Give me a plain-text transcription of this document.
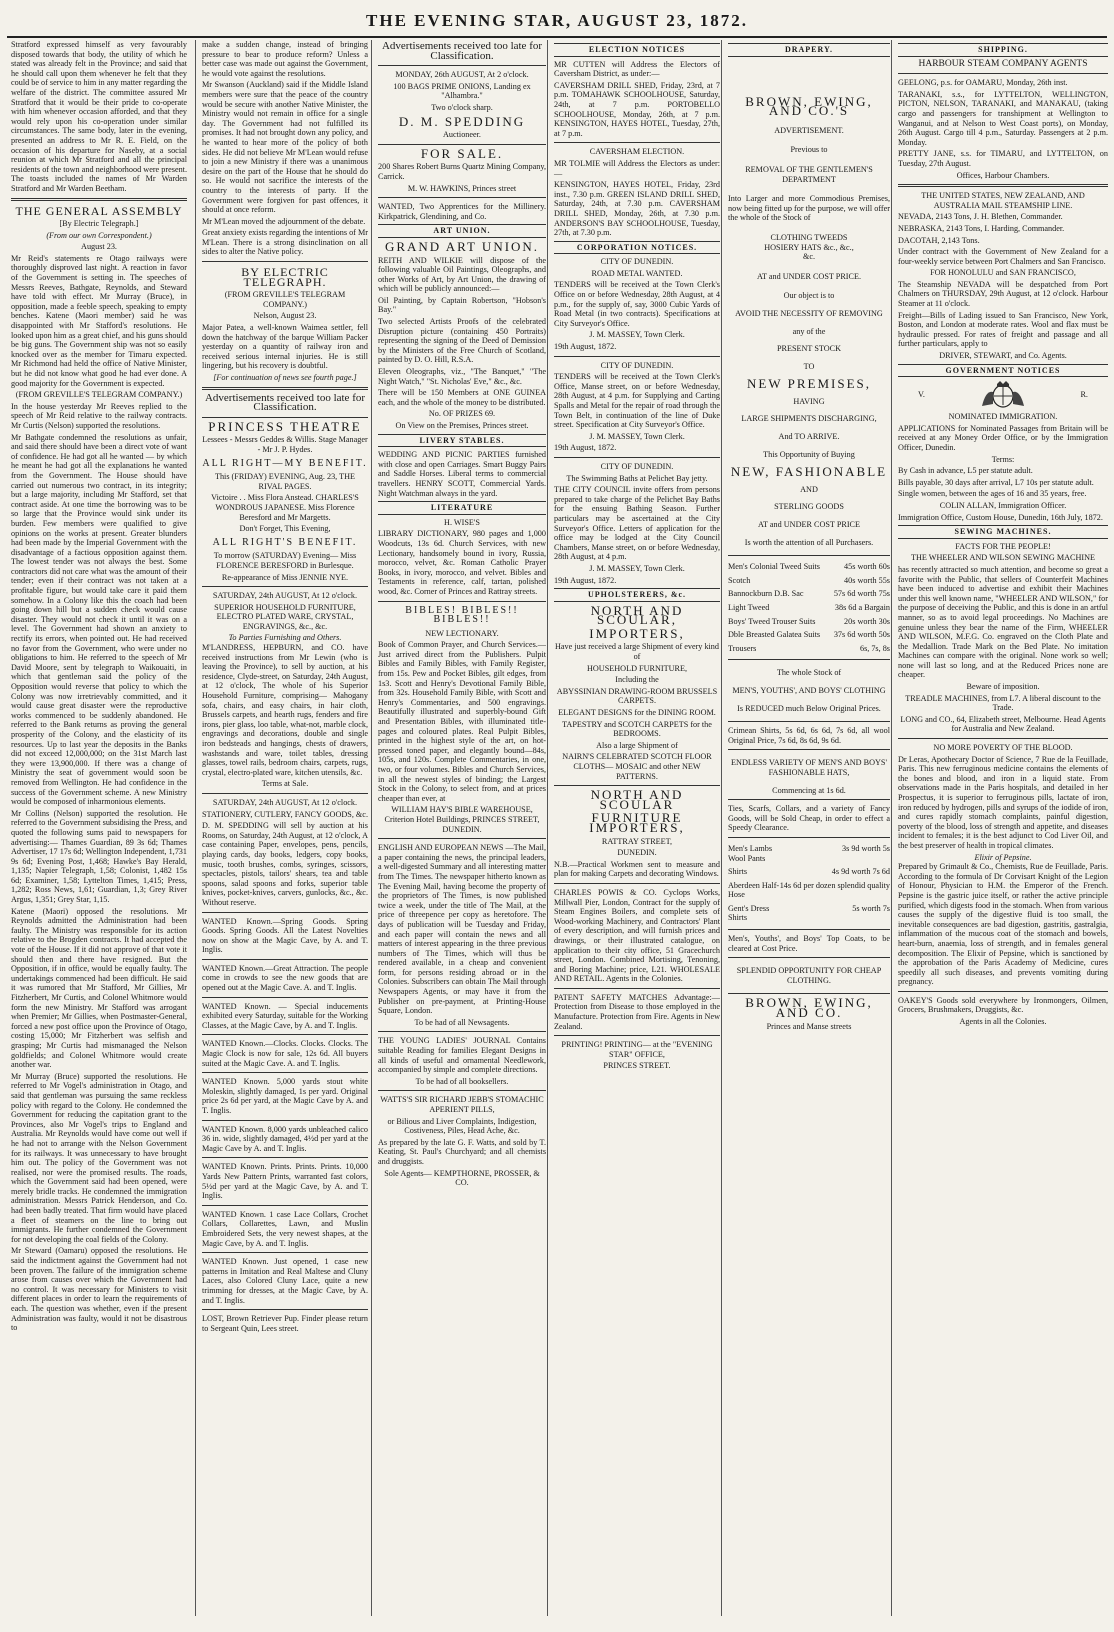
THE EVENING STAR, AUGUST 23, 1872.

Stratford expressed himself as very favourably disposed towards that body, the utility of which he stated was already felt in the Province; and said that he should call upon them whenever he felt that they could be of service to him in any matter regarding the welfare of the district. The committee assured Mr Stratford that it would be their pride to co-operate with him whenever occasion afforded, and that they would rely upon his co-operation under similar circumstances. The same body, later in the evening, presented an address to Mr R. E. Field, on the occasion of his departure for Naseby, at a social reunion at which Mr Stratford and all the principal residents of the town and neighborhood were present. The toasts included the names of Mr Warden Stratford and Mr Warden Beetham.

THE GENERAL ASSEMBLY
[By Electric Telegraph.]
(From our own Correspondent.)
August 23.

Mr Reid's statements re Otago railways were thoroughly disproved last night. A reaction in favor of the Government is setting in. The speeches of Messrs Reeves, Bathgate, Reynolds, and Steward have told with effect. Mr Murray (Bruce), in opposition, made a feeble speech, speaking to empty benches. Katene (Maori member) said he was disappointed with Mr Stafford's resolutions. He looked upon him as a great chief, and his guns should be big guns. The Government ship was not so easily knocked over as the member for Timaru expected. Mr Richmond had held the office of Native Minister, but he did not know what good he had ever done. A good majority for the Government is expected.

(FROM GREVILLE'S TELEGRAM COMPANY.)

In the house yesterday Mr Reeves replied to the speech of Mr Reid relative to the railway contracts. Mr Curtis (Nelson) supported the resolutions.

Mr Bathgate condemned the resolutions as unfair, and said there should have been a direct vote of want of confidence. He had got all he wanted — by which he meant he had got all the explanations he wanted from the Government. The House should have carried out numerous two contract, in its integrity; but a large majority, including Mr Stafford, set that contract aside. At one time the borrowing was to be so large that the Province would sink under its burden. Few members were qualified to give opinions on the works at present. Greater blunders had been made by the Imperial Government with the disadvantage of a factious opposition against them. The lowest tender was not always the best. Some contractors did not care what was the amount of their tender; even if their contract was not taken at a profitable figure, but would take care it paid them somehow. In a Colony like this the coach had been going down hill but a sudden check would cause disaster. They would not check it until it was on a level. The Government had shown an anxiety to rectify its errors, when pointed out. He had received no favor from the Government, who were under no obligations to him. He referred to the speech of Mr David Moore, sent by telegraph to Waikouaiti, in which that gentleman said the policy of the Opposition would reverse that policy to which the Colony was now irretrievably committed, and it would cause great disaster were the reproductive works commenced to be suddenly abandoned. He referred to the Bank returns as proving the general prosperity of the Colony, and the elasticity of its resources. Up to last year the deposits in the Banks did not exceed 12,000,000; on the 31st March last they were 13,900,000. If there was a change of Ministry the seat of government would soon be removed from Wellington. He had confidence in the success of the Government scheme. A new Ministry would be composed of inharmonious elements.

Mr Collins (Nelson) supported the resolution. He referred to the Government subsidising the Press, and quoted the following sums paid to newspapers for advertising:— Thames Guardian, 89 3s 6d; Thames Advertiser, 17 17s 6d; Wellington Independent, 1,731 9s 6d; Evening Post, 1,468; Hawke's Bay Herald, 1,135; Napier Telegraph, 1,58; Colonist, 1,482 15s 6d; Examiner, 1,58; Lyttelton Times, 1,415; Press, 1,282; Ross News, 1,61; Guardian, 1,3; Grey River Argus, 1,351; Grey Star, 1,15.

Katene (Maori) opposed the resolutions. Mr Reynolds admitted the Administration had been faulty. The Ministry was responsible for its action relative to the Brogden contracts. It had accepted the vote of the House. If it did not approve of that vote it should then and there have resigned. But the Opposition, if in office, would be equally faulty. The undertakings commenced had been difficult. He said it was rumored that Mr Stafford, Mr Gillies, Mr Fitzherbert, Mr Curtis, and Colonel Whitmore would form the new Ministry. Mr Stafford was arrogant when Premier; Mr Gillies, when Postmaster-General, forced a new post office upon the Province of Otago, costing 15,000; Mr Fitzherbert was selfish and grasping; Mr Curtis had mismanaged the Nelson goldfields; and Colonel Whitmore would create another war.

Mr Murray (Bruce) supported the resolutions. He referred to Mr Vogel's administration in Otago, and said that gentleman was pursuing the same reckless policy with regard to the Colony. He condemned the Government for reducing the capitation grant to the Provinces, also Mr Vogel's trips to England and Australia. Mr Reynolds would have come out well if he had not to arrange with the Nelson Government for its railways. It was unnecessary to have brought him out. The policy of the Government was not realised, nor were the promised results. The roads, which the Government said had been opened, were merely bridle tracks. He condemned the immigration administration. Messrs Patrick Henderson, and Co. had been badly treated. That firm would have placed a fleet of steamers on the line to bring out immigrants. He further condemned the Government for not developing the coal fields of the Colony.

Mr Steward (Oamaru) opposed the resolutions. He said the indictment against the Government had not been proven. The failure of the immigration scheme arose from causes over which the Government had no control. It was necessary for Ministers to visit different places in order to learn the requirements of each. The question was whether, even if the present Administration was faulty, would it not be disastrous to

make a sudden change, instead of bringing pressure to bear to produce reform? Unless a better case was made out against the Government, he would vote against the resolutions.

Mr Swanson (Auckland) said if the Middle Island members were sure that the peace of the country would be secure with another Native Minister, the Ministry would not remain in office for a single day. The Government had not fulfilled its promises. It had not brought down any policy, and he wanted to hear more of the policy of both sides. He did not believe Mr M'Lean would refuse to join a new Ministry if there was a unanimous desire on the part of the House that he should do so. He would not sacrifice the interests of the country to the interests of party. If the Government were forgiven for past offences, it should at once reform.

Mr M'Lean moved the adjournment of the debate.

Great anxiety exists regarding the intentions of Mr M'Lean. There is a strong disinclination on all sides to alter the Native policy.

BY ELECTRIC TELEGRAPH.
(FROM GREVILLE'S TELEGRAM COMPANY.)
Nelson, August 23.

Major Patea, a well-known Waimea settler, fell down the hatchway of the barque William Packer yesterday on a quantity of railway iron and received serious internal injuries. He is still lingering, but his recovery is doubtful.

[For continuation of news see fourth page.]
Advertisements received too late for Classification.
PRINCESS THEATRE
Lessees - Messrs Geddes & Willis. Stage Manager - Mr J. P. Hydes.
ALL RIGHT—MY BENEFIT.
This (FRIDAY) EVENING, Aug. 23, THE RIVAL PAGES.
Victoire . . Miss Flora Anstead. CHARLES'S WONDROUS JAPANESE. Miss Florence Beresford and Mr Margetts.
Don't Forget, This Evening,
ALL RIGHT'S BENEFIT.
To morrow (SATURDAY) Evening— Miss FLORENCE BERESFORD in Burlesque.
Re-appearance of Miss JENNIE NYE.
SATURDAY, 24th AUGUST, At 12 o'clock.
SUPERIOR HOUSEHOLD FURNITURE, ELECTRO PLATED WARE, CRYSTAL, ENGRAVINGS, &c., &c.
To Parties Furnishing and Others.

M'LANDRESS, HEPBURN, and CO. have received instructions from Mr Lewin (who is leaving the Province), to sell by auction, at his residence, Clyde-street, on Saturday, 24th August, at 12 o'clock, The whole of his Superior Household Furniture, comprising— Mahogany sofa, chairs, and easy chairs, in hair cloth, Brussels carpets, and hearth rugs, fenders and fire irons, pier glass, loo table, what-not, marble clock, engravings and decorations, double and single iron bedsteads and hangings, chests of drawers, washstands and ware, toilet tables, dressing glasses, towel rails, bedroom chairs, carpets, rugs, crystal, electro-plated ware, kitchen utensils, &c.

Terms at Sale.
SATURDAY, 24th AUGUST, At 12 o'clock.
STATIONERY, CUTLERY, FANCY GOODS, &c.

D. M. SPEDDING will sell by auction at his Rooms, on Saturday, 24th August, at 12 o'clock, A case containing Paper, envelopes, pens, pencils, playing cards, day books, ledgers, copy books, music, tooth brushes, combs, syringes, scissors, spectacles, pistols, tailors' shears, tea and table spoons, salad spoons and forks, superior table knives, pocket-knives, carvers, gunlocks, &c., &c. Without reserve.

WANTED Known.—Spring Goods. Spring Goods. Spring Goods. All the Latest Novelties now on show at the Magic Cave, by A. and T. Inglis.

WANTED Known.—Great Attraction. The people come in crowds to see the new goods that are opened out at the Magic Cave. A. and T. Inglis.

WANTED Known. — Special inducements exhibited every Saturday, suitable for the Working Classes, at the Magic Cave, by A. and T. Inglis.

WANTED Known.—Clocks. Clocks. Clocks. The Magic Clock is now for sale, 12s 6d. All buyers suited at the Magic Cave. A. and T. Inglis.

WANTED Known. 5,000 yards stout white Moleskin, slightly damaged, 1s per yard. Original price 2s 6d per yard, at the Magic Cave by A. and T. Inglis.

WANTED Known. 8,000 yards unbleached calico 36 in. wide, slightly damaged, 4½d per yard at the Magic Cave by A. and T. Inglis.

WANTED Known. Prints. Prints. Prints. 10,000 Yards New Pattern Prints, warranted fast colors, 5½d per yard at the Magic Cave, by A. and T. Inglis.

WANTED Known. 1 case Lace Collars, Crochet Collars, Collarettes, Lawn, and Muslin Embroidered Sets, the very newest shapes, at the Magic Cave, by A. and T. Inglis.

WANTED Known. Just opened, 1 case new patterns in Imitation and Real Maltese and Cluny Laces, also Colored Cluny Lace, quite a new trimming for dresses, at the Magic Cave, by A. and T. Inglis.

LOST, Brown Retriever Pup. Finder please return to Sergeant Quin, Lees street.

Advertisements received too late for Classification.
MONDAY, 26th AUGUST, At 2 o'clock.
100 BAGS PRIME ONIONS, Landing ex "Alhambra."
Two o'clock sharp.
D. M. SPEDDING
Auctioneer.
FOR SALE.

200 Shares Robert Burns Quartz Mining Company, Carrick.

M. W. HAWKINS, Princes street

WANTED, Two Apprentices for the Millinery. Kirkpatrick, Glendining, and Co.

ART UNION.
GRAND ART UNION.

REITH AND WILKIE will dispose of the following valuable Oil Paintings, Oleographs, and other Works of Art, by Art Union, the drawing of which will be publicly announced:—

Oil Painting, by Captain Robertson, "Hobson's Bay."

Two selected Artists Proofs of the celebrated Disruption picture (containing 450 Portraits) representing the signing of the Deed of Demission by the Ministers of the Free Church of Scotland, painted by D. O. Hill, R.S.A.

Eleven Oleographs, viz., "The Banquet," "The Night Watch," "St. Nicholas' Eve," &c., &c.

There will be 150 Members at ONE GUINEA each, and the whole of the money to be distributed.

No. OF PRIZES 69.
On View on the Premises, Princes street.
LIVERY STABLES.

WEDDING AND PICNIC PARTIES furnished with close and open Carriages. Smart Buggy Pairs and Saddle Horses. Liberal terms to commercial travellers. HENRY SCOTT, Commercial Yards. Night Watchman always in the yard.

LITERATURE
H. WISE'S

LIBRARY DICTIONARY, 980 pages and 1,000 Woodcuts, 13s 6d. Church Services, with new Lectionary, handsomely bound in ivory, Russia, morocco, velvet, &c. Roman Catholic Prayer Books, in ivory, morocco, and velvet. Bibles and Testaments in reference, calf, tartan, polished wood, &c. Corner of Princes and Rattray streets.

BIBLES! BIBLES!! BIBLES!!
NEW LECTIONARY.

Book of Common Prayer, and Church Services.—Just arrived direct from the Publishers. Pulpit Bibles and Family Bibles, with Family Register, from 15s. Pew and Pocket Bibles, gilt edges, from 1s3. Scott and Henry's Devotional Family Bible, from 32s. Household Family Bible, with Scott and Henry's Commentaries, and 500 engravings. Beautifully illustrated and superbly-bound Gift and Presentation Bibles, with illuminated title-pages and coloured plates. Real Pulpit Bibles, printed in the highest style of the art, on hot-pressed toned paper, and elegantly bound—84s, 105s, and 120s. Complete Commentaries, in one, two, or four volumes. Bibles and Church Services, in all the newest styles of binding; the Largest Stock in the Colony, to select from, and at prices cheaper than ever, at

WILLIAM HAY'S BIBLE WAREHOUSE, Criterion Hotel Buildings, PRINCES STREET, DUNEDIN.

ENGLISH AND EUROPEAN NEWS —The Mail, a paper containing the news, the principal leaders, a well-digested Summary and all interesting matter from The Times. The newspaper hitherto known as The Evening Mail, having become the property of the proprietors of The Times, is now published twice a week, under the title of The Mail, at the price of threepence per copy as heretofore. The days of publication will be Tuesday and Friday, and each paper will contain the news and all matters of interest appearing in the three previous numbers of The Times, which will thus be rendered available, in a cheap and convenient form, for persons residing abroad or in the Colonies. Subscribers can obtain The Mail through Newspapers Agents, or may have it from the Publisher on pre-payment, at Printing-House Square, London.

To be had of all Newsagents.

THE YOUNG LADIES' JOURNAL Contains suitable Reading for families Elegant Designs in all kinds of useful and ornamental Needlework, accompanied by simple and complete directions.

To be had of all booksellers.
WATTS'S SIR RICHARD JEBB'S STOMACHIC APERIENT PILLS,
or Bilious and Liver Complaints, Indigestion, Costiveness, Piles, Head Ache, &c.

As prepared by the late G. F. Watts, and sold by T. Keating, St. Paul's Churchyard; and all chemists and druggists.

Sole Agents— KEMPTHORNE, PROSSER, & CO.
ELECTION NOTICES

MR CUTTEN will Address the Electors of Caversham District, as under:—

CAVERSHAM DRILL SHED, Friday, 23rd, at 7 p.m. TOMAHAWK SCHOOLHOUSE, Saturday, 24th, at 7 p.m. PORTOBELLO SCHOOLHOUSE, Monday, 26th, at 7 p.m. KENSINGTON, HAYES HOTEL, Tuesday, 27th, at 7 p.m.

CAVERSHAM ELECTION.

MR TOLMIE will Address the Electors as under:—

KENSINGTON, HAYES HOTEL, Friday, 23rd inst., 7.30 p.m. GREEN ISLAND DRILL SHED, Saturday, 24th, at 7.30 p.m. CAVERSHAM DRILL SHED, Monday, 26th, at 7.30 p.m. ANDERSON'S BAY SCHOOLHOUSE, Tuesday, 27th, at 7.30 p.m.

CORPORATION NOTICES.
CITY OF DUNEDIN.
ROAD METAL WANTED.

TENDERS will be received at the Town Clerk's Office on or before Wednesday, 28th August, at 4 p.m., for the supply of, say, 3000 Cubic Yards of Road Metal (in two contracts). Specifications at City Surveyor's Office.

J. M. MASSEY, Town Clerk.
19th August, 1872.
CITY OF DUNEDIN.

TENDERS will be received at the Town Clerk's Office, Manse street, on or before Wednesday, 28th August, at 4 p.m. for Supplying and Carting Spalls and Metal for the repair of road through the Town Belt, in continuation of the line of Duke street. Specification at City Surveyor's Office.

J. M. MASSEY, Town Clerk.
19th August, 1872.
CITY OF DUNEDIN.
The Swimming Baths at Pelichet Bay jetty.

THE CITY COUNCIL invite offers from persons prepared to take charge of the Pelichet Bay Baths for the ensuing Bathing Season. Further particulars may be ascertained at the City Surveyor's Office. Letters of application for the office may be lodged at the City Council Chambers, Manse street, on or before Wednesday, 28th August, at 4 p.m.

J. M. MASSEY, Town Clerk.
19th August, 1872.
UPHOLSTERERS, &c.
NORTH AND SCOULAR,
IMPORTERS,
Have just received a large Shipment of every kind of
HOUSEHOLD FURNITURE,
Including the
ABYSSINIAN DRAWING-ROOM BRUSSELS CARPETS.
ELEGANT DESIGNS for the DINING ROOM.
TAPESTRY and SCOTCH CARPETS for the BEDROOMS.
Also a large Shipment of
NAIRN'S CELEBRATED SCOTCH FLOOR CLOTHS— MOSAIC and other NEW PATTERNS.
NORTH AND SCOULAR
FURNITURE IMPORTERS,
RATTRAY STREET,
DUNEDIN.

N.B.—Practical Workmen sent to measure and plan for making Carpets and decorating Windows.

CHARLES POWIS & CO. Cyclops Works, Millwall Pier, London, Contract for the supply of Steam Engines Boilers, and complete sets of Wood-working Machinery, and Contractors' Plant of every description, and will furnish prices and drawings, or their illustrated catalogue, on application to their city office, 51 Gracechurch street, London. Combined Mortising, Tenoning, and Boring Machine; price, L21. WHOLESALE AND RETAIL. Agents in the Colonies.

PATENT SAFETY MATCHES Advantage:— Protection from Disease to those employed in the Manufacture. Protection from Fire. Agents in New Zealand.

PRINTING! PRINTING— at the "EVENING STAR" OFFICE,
PRINCES STREET.
DRAPERY.
BROWN, EWING, AND CO.'S
ADVERTISEMENT.
Previous to
REMOVAL OF THE GENTLEMEN'S DEPARTMENT

Into Larger and more Commodious Premises, now being fitted up for the purpose, we will offer the whole of the Stock of

CLOTHING TWEEDS HOSIERY HATS &c., &c., &c.
AT and UNDER COST PRICE.
Our object is to
AVOID THE NECESSITY OF REMOVING
any of the
PRESENT STOCK
TO
NEW PREMISES,
HAVING
LARGE SHIPMENTS DISCHARGING,
And TO ARRIVE.
This Opportunity of Buying
NEW, FASHIONABLE
AND
STERLING GOODS
AT and UNDER COST PRICE
Is worth the attention of all Purchasers.
Men's Colonial Tweed Suits	45s worth 60s
Scotch	40s worth 55s
Bannockburn D.B. Sac	57s 6d worth 75s
Light Tweed	38s 6d a Bargain
Boys' Tweed Trouser Suits	20s worth 30s
Dble Breasted Galatea Suits	37s 6d worth 50s
Trousers	6s, 7s, 8s
The whole Stock of
MEN'S, YOUTHS', AND BOYS' CLOTHING
Is REDUCED much Below Original Prices.

Crimean Shirts, 5s 6d, 6s 6d, 7s 6d, all wool Original Price, 7s 6d, 8s 6d, 9s 6d.

ENDLESS VARIETY OF MEN'S AND BOYS' FASHIONABLE HATS,
Commencing at 1s 6d.

Ties, Scarfs, Collars, and a variety of Fancy Goods, will be Sold Cheap, in order to effect a Speedy Clearance.

Men's Lambs Wool Pants	3s 9d worth 5s
Shirts	4s 9d worth 7s 6d
Aberdeen Half-Hose	14s 6d per dozen splendid quality
Gent's Dress Shirts	5s worth 7s

Men's, Youths', and Boys' Top Coats, to be cleared at Cost Price.

SPLENDID OPPORTUNITY FOR CHEAP CLOTHING.
BROWN, EWING, AND CO.
Princes and Manse streets
SHIPPING.
HARBOUR STEAM COMPANY AGENTS

GEELONG, p.s. for OAMARU, Monday, 26th inst.

TARANAKI, s.s., for LYTTELTON, WELLINGTON, PICTON, NELSON, TARANAKI, and MANAKAU, (taking cargo and passengers for transhipment at Wellington to Wanganui, and at Nelson to West Coast ports), on Monday, 26th August. Cargo till 4 p.m., Saturday. Passengers at 2 p.m. Monday.

PRETTY JANE, s.s. for TIMARU, and LYTTELTON, on Tuesday, 27th August.

Offices, Harbour Chambers.
THE UNITED STATES, NEW ZEALAND, AND AUSTRALIA MAIL STEAMSHIP LINE.

NEVADA, 2143 Tons, J. H. Blethen, Commander.

NEBRASKA, 2143 Tons, I. Harding, Commander.

DACOTAH, 2,143 Tons.

Under contract with the Government of New Zealand for a four-weekly service between Port Chalmers and San Francisco.

FOR HONOLULU and SAN FRANCISCO,

The Steamship NEVADA will be despatched from Port Chalmers on THURSDAY, 29th August, at 12 o'clock. Harbour Steamer at 11 o'clock.

Freight—Bills of Lading issued to San Francisco, New York, Boston, and London at moderate rates. Wool and flax must be hydraulic pressed. For rates of freight and passage and all further particulars, apply to

DRIVER, STEWART, and Co. Agents.
GOVERNMENT NOTICES
V.	R.
NOMINATED IMMIGRATION.

APPLICATIONS for Nominated Passages from Britain will be received at any Money Order Office, or by the Immigration Officer, Dunedin.

Terms:

By Cash in advance, L5 per statute adult.

Bills payable, 30 days after arrival, L7 10s per statute adult.

Single women, between the ages of 16 and 35 years, free.

COLIN ALLAN, Immigration Officer.

Immigration Office, Custom House, Dunedin, 16th July, 1872.

SEWING MACHINES.
FACTS FOR THE PEOPLE!
THE WHEELER AND WILSON SEWING MACHINE

has recently attracted so much attention, and become so great a favorite with the Public, that sellers of Counterfeit Machines have been induced to advertise and exhibit their Machines under this well known name, "WHEELER AND WILSON," for the purpose of deceiving the Public, and this is done in an artful manner, so as to avoid legal proceedings. No Machines are genuine unless they bear the name of the Firm, WHEELER AND WILSON, M.F.G. Co. engraved on the Cloth Plate and the Medallion. Trade Mark on the Bed Plate. No imitation Machines can compare with the original. None work so well; none will last so long, and at the Reduced Prices none are cheaper.

Beware of imposition.
TREADLE MACHINES, from L7. A liberal discount to the Trade.
LONG and CO., 64, Elizabeth street, Melbourne. Head Agents for Australia and New Zealand.
NO MORE POVERTY OF THE BLOOD.

Dr Leras, Apothecary Doctor of Science, 7 Rue de la Feuillade, Paris. This new ferruginous medicine contains the elements of the bones and blood, and iron in a liquid state. From observations made in the Paris hospitals, and detailed in her Prospectus, it is superior to ferruginous pills, lactate of iron, iron reduced by hydrogen, pills and syrups of the iodide of iron, and cures rapidly stomach complaints, painful digestion, poverty of the blood, loss of strength and appetite, and diseases incident to females; it is the best adjunct to Cod Liver Oil, and the best preserver of health in tropical climates.

Elixir of Pepsine.

Prepared by Grimault & Co., Chemists, Rue de Feuillade, Paris. According to the formula of Dr Corvisart Knight of the Legion of Honour, Physician to H.M. the Emperor of the French. Pepsine is the gastric juice itself, or rather the active principle purified, which digests food in the stomach. When from various causes the supply of the digestive fluid is too small, the inevitable consequences are bad digestion, gastritis, gastralgia, inflammation of the mucous coat of the stomach and bowels, heart-burn, anaemia, loss of strength, and in females general decomposition. The Elixir of Pepsine, which is sanctioned by the approbation of the Paris Academy of Medicine, cures speedily all such diseases, and prevents vomiting during pregnancy.

OAKEY'S Goods sold everywhere by Ironmongers, Oilmen, Grocers, Brushmakers, Druggists, &c.

Agents in all the Colonies.
